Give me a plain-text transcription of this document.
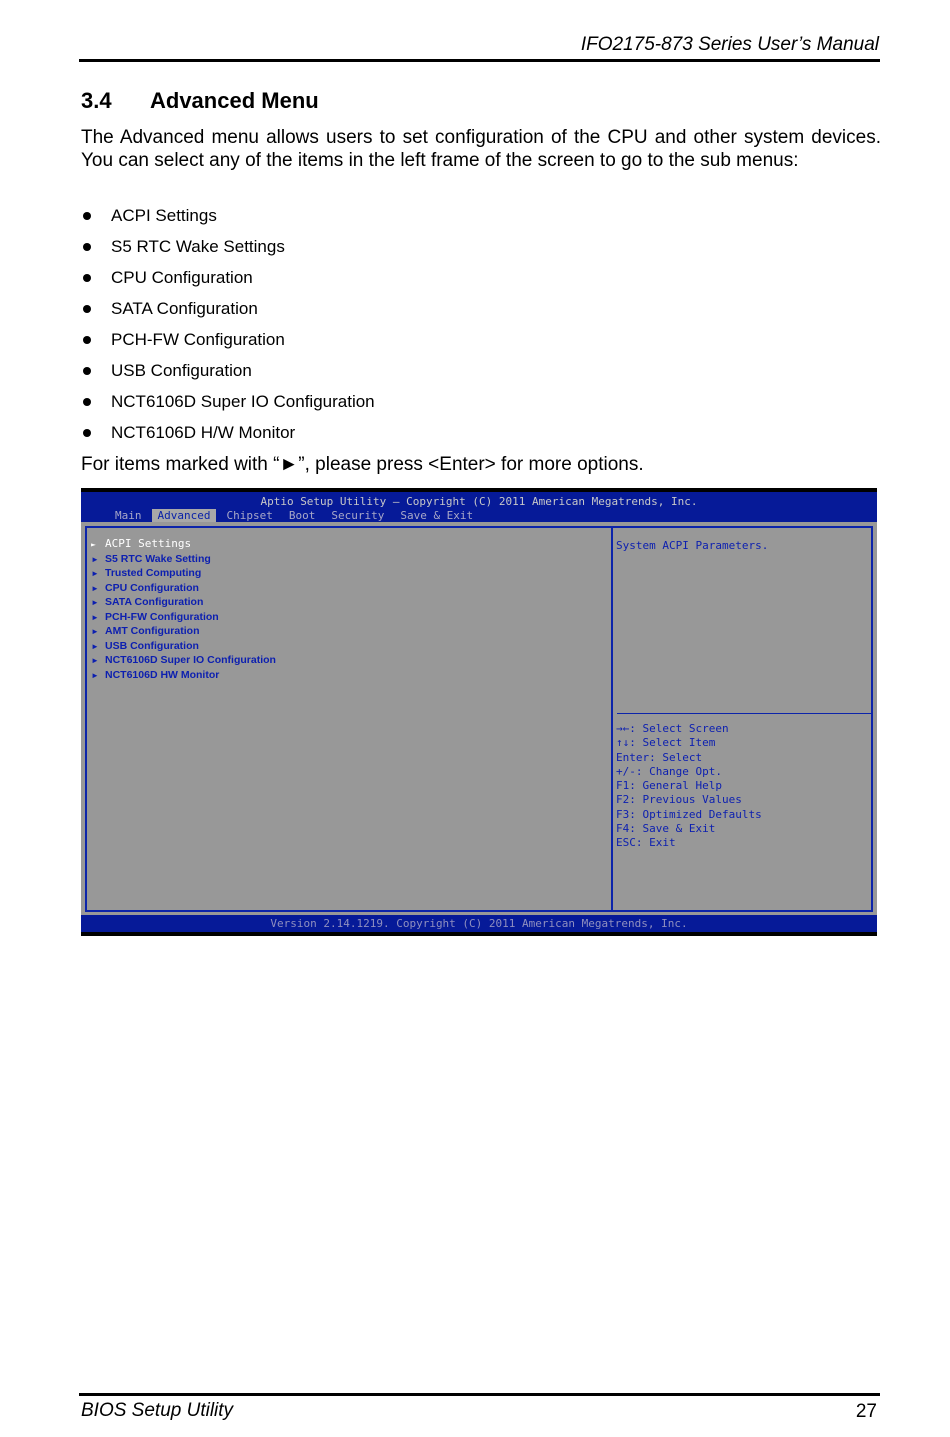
IFO2175-873 Series User’s Manual
3.4 Advanced Menu
The Advanced menu allows users to set configuration of the CPU and other system devices. You can select any of the items in the left frame of the screen to go to the sub menus:
ACPI Settings
S5 RTC Wake Settings
CPU Configuration
SATA Configuration
PCH-FW Configuration
USB Configuration
NCT6106D Super IO Configuration
NCT6106D H/W Monitor
For items marked with “►”, please press <Enter> for more options.
Aptio Setup Utility – Copyright (C) 2011 American Megatrends, Inc.
Main	Advanced	Chipset	Boot	Security	Save & Exit
► ACPI Settings
► S5 RTC Wake Setting
► Trusted Computing
► CPU Configuration
► SATA Configuration
► PCH-FW Configuration
► AMT Configuration
► USB Configuration
► NCT6106D Super IO Configuration
► NCT6106D HW Monitor
System ACPI Parameters.
→←: Select Screen
↑↓: Select Item
Enter: Select
+/-: Change Opt.
F1: General Help
F2: Previous Values
F3: Optimized Defaults
F4: Save & Exit
ESC: Exit
Version 2.14.1219. Copyright (C) 2011 American Megatrends, Inc.
BIOS Setup Utility	27
